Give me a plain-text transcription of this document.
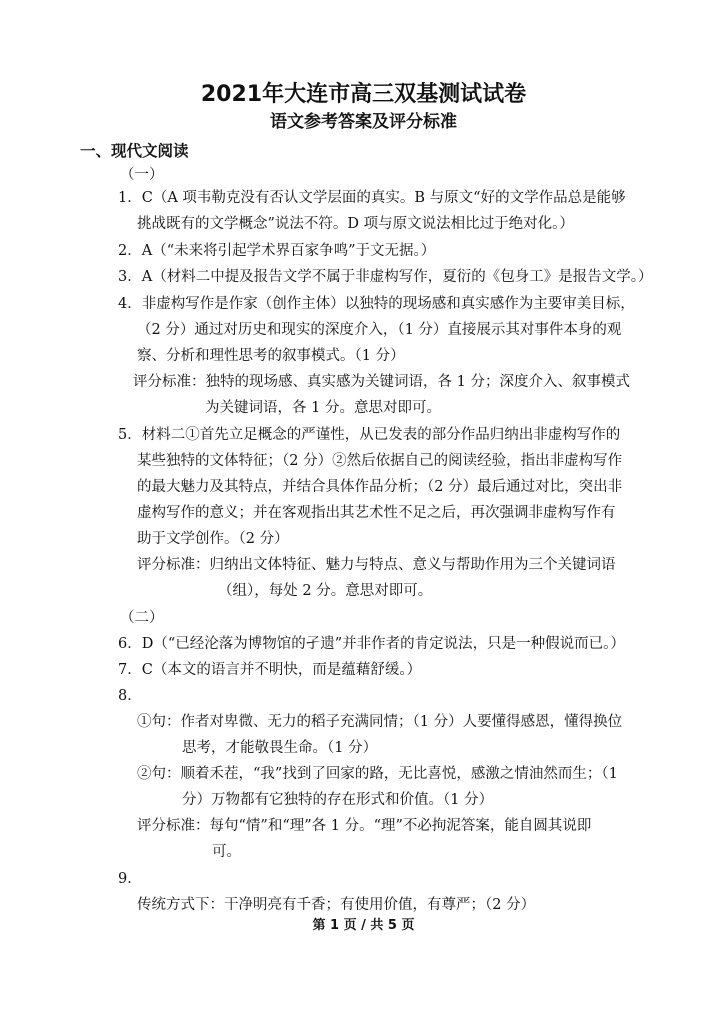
2021年大连市高三双基测试试卷
语文参考答案及评分标准
一、现代文阅读
（一）
1．C（A 项韦勒克没有否认文学层面的真实。B 与原文“好的文学作品总是能够
挑战既有的文学概念”说法不符。D 项与原文说法相比过于绝对化。）
2．A（“未来将引起学术界百家争鸣”于文无据。）
3．A（材料二中提及报告文学不属于非虚构写作，夏衍的《包身工》是报告文学。）
4．非虚构写作是作家（创作主体）以独特的现场感和真实感作为主要审美目标，
（2 分）通过对历史和现实的深度介入，（1 分）直接展示其对事件本身的观
察、分析和理性思考的叙事模式。（1 分）
评分标准：独特的现场感、真实感为关键词语，各 1 分；深度介入、叙事模式
为关键词语，各 1 分。意思对即可。
5．材料二①首先立足概念的严谨性，从已发表的部分作品归纳出非虚构写作的
某些独特的文体特征；（2 分）②然后依据自己的阅读经验，指出非虚构写作
的最大魅力及其特点，并结合具体作品分析；（2 分）最后通过对比，突出非
虚构写作的意义；并在客观指出其艺术性不足之后，再次强调非虚构写作有
助于文学创作。（2 分）
评分标准：归纳出文体特征、魅力与特点、意义与帮助作用为三个关键词语
（组），每处 2 分。意思对即可。
（二）
6．D（“已经沦落为博物馆的孑遗”并非作者的肯定说法，只是一种假说而已。）
7．C（本文的语言并不明快，而是蕴藉舒缓。）
8．
①句：作者对卑微、无力的稻子充满同情；（1 分）人要懂得感恩，懂得换位
思考，才能敬畏生命。（1 分）
②句：顺着禾茬，“我”找到了回家的路，无比喜悦，感激之情油然而生；（1
分）万物都有它独特的存在形式和价值。（1 分）
评分标准：每句“情”和“理”各 1 分。“理”不必拘泥答案，能自圆其说即
可。
9．
传统方式下：干净明亮有千香；有使用价值，有尊严；（2 分）
第 1 页 / 共 5 页
